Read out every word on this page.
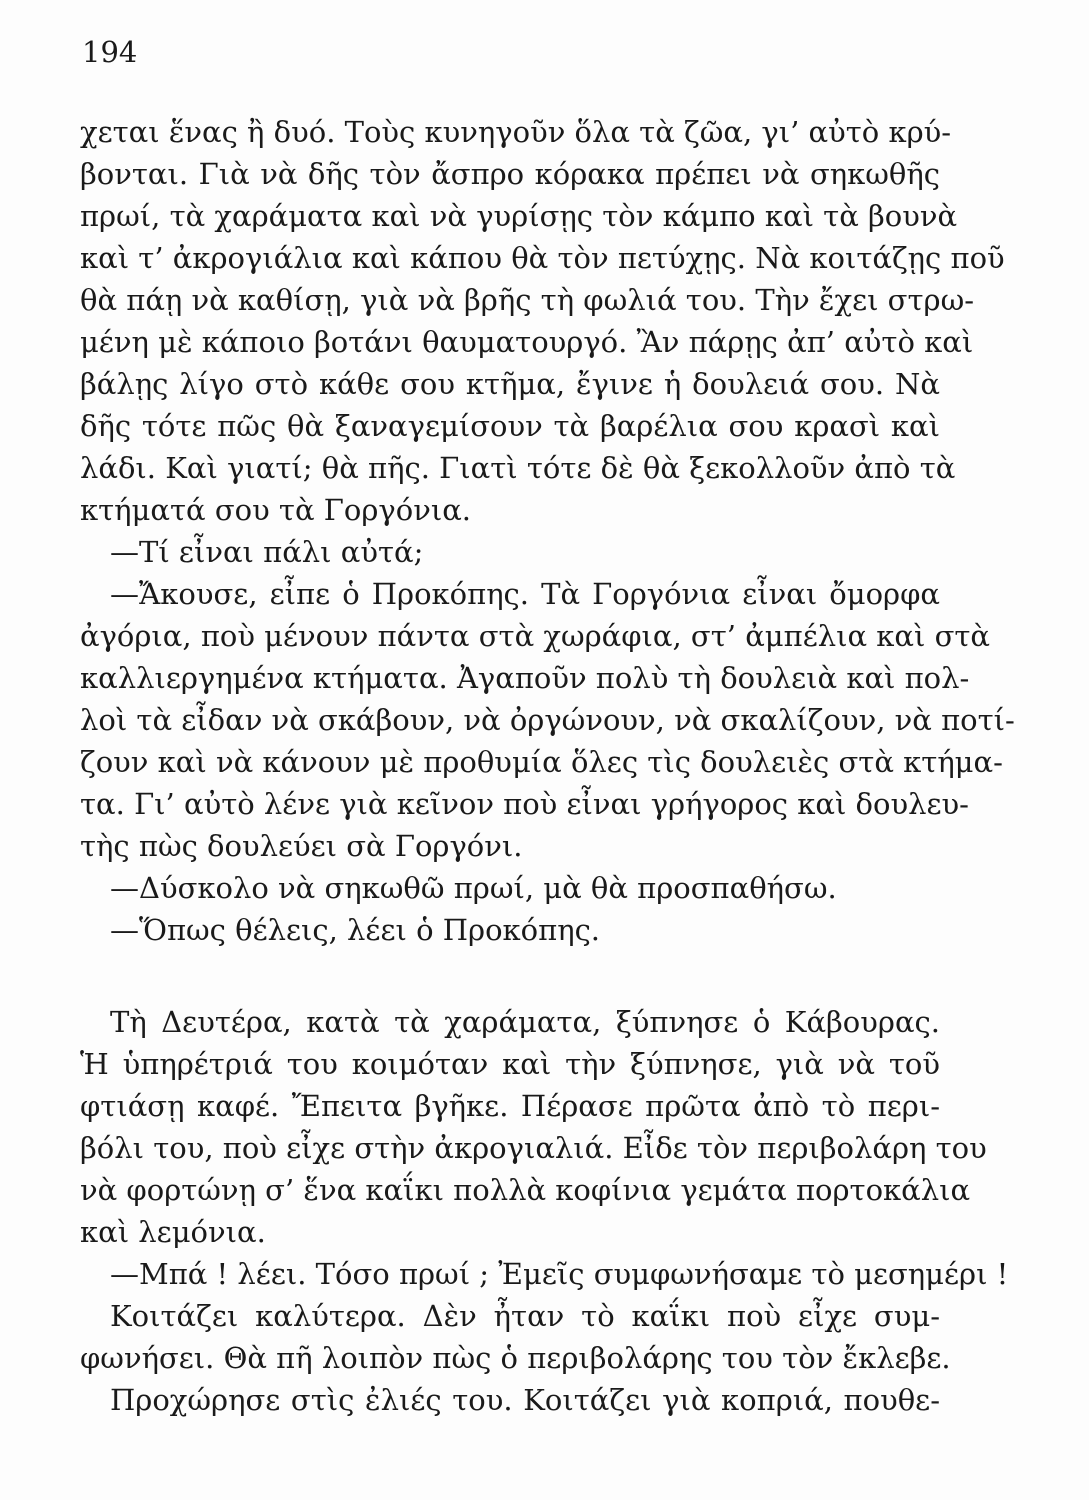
194
χεται ἕνας ἢ δυό. Τοὺς κυνηγοῦν ὅλα τὰ ζῶα, γι’ αὐτὸ κρύ-
βονται. Γιὰ νὰ δῆς τὸν ἄσπρο κόρακα πρέπει νὰ σηκωθῆς
πρωί, τὰ χαράματα καὶ νὰ γυρίσῃς τὸν κάμπο καὶ τὰ βουνὰ
καὶ τ’ ἀκρογιάλια καὶ κάπου θὰ τὸν πετύχῃς. Νὰ κοιτάζῃς ποῦ
θὰ πάῃ νὰ καθίσῃ, γιὰ νὰ βρῆς τὴ φωλιά του. Τὴν ἔχει στρω-
μένη μὲ κάποιο βοτάνι θαυματουργό. Ἂν πάρῃς ἀπ’ αὐτὸ καὶ
βάλῃς λίγο στὸ κάθε σου κτῆμα, ἔγινε ἡ δουλειά σου. Νὰ
δῆς τότε πῶς θὰ ξαναγεμίσουν τὰ βαρέλια σου κρασὶ καὶ
λάδι. Καὶ γιατί; θὰ πῆς. Γιατὶ τότε δὲ θὰ ξεκολλοῦν ἀπὸ τὰ
κτήματά σου τὰ Γοργόνια.
—Τί εἶναι πάλι αὐτά;
—Ἄκουσε, εἶπε ὁ Προκόπης. Τὰ Γοργόνια εἶναι ὄμορφα
ἀγόρια, ποὺ μένουν πάντα στὰ χωράφια, στ’ ἀμπέλια καὶ στὰ
καλλιεργημένα κτήματα. Ἀγαποῦν πολὺ τὴ δουλειὰ καὶ πολ-
λοὶ τὰ εἶδαν νὰ σκάβουν, νὰ ὀργώνουν, νὰ σκαλίζουν, νὰ ποτί-
ζουν καὶ νὰ κάνουν μὲ προθυμία ὅλες τὶς δουλειὲς στὰ κτήμα-
τα. Γι’ αὐτὸ λένε γιὰ κεῖνον ποὺ εἶναι γρήγορος καὶ δουλευ-
τὴς πὼς δουλεύει σὰ Γοργόνι.
—Δύσκολο νὰ σηκωθῶ πρωί, μὰ θὰ προσπαθήσω.
—Ὅπως θέλεις, λέει ὁ Προκόπης.
Τὴ Δευτέρα, κατὰ τὰ χαράματα, ξύπνησε ὁ Κάβουρας.
Ἡ ὑπηρέτριά του κοιμόταν καὶ τὴν ξύπνησε, γιὰ νὰ τοῦ
φτιάσῃ καφέ. Ἔπειτα βγῆκε. Πέρασε πρῶτα ἀπὸ τὸ περι-
βόλι του, ποὺ εἶχε στὴν ἀκρογιαλιά. Εἶδε τὸν περιβολάρη του
νὰ φορτώνῃ σ’ ἕνα καΐκι πολλὰ κοφίνια γεμάτα πορτοκάλια
καὶ λεμόνια.
—Μπά ! λέει. Τόσο πρωί ; Ἐμεῖς συμφωνήσαμε τὸ μεσημέρι !
Κοιτάζει καλύτερα. Δὲν ἦταν τὸ καΐκι ποὺ εἶχε συμ-
φωνήσει. Θὰ πῆ λοιπὸν πὼς ὁ περιβολάρης του τὸν ἔκλεβε.
Προχώρησε στὶς ἐλιές του. Κοιτάζει γιὰ κοπριά, πουθε-
